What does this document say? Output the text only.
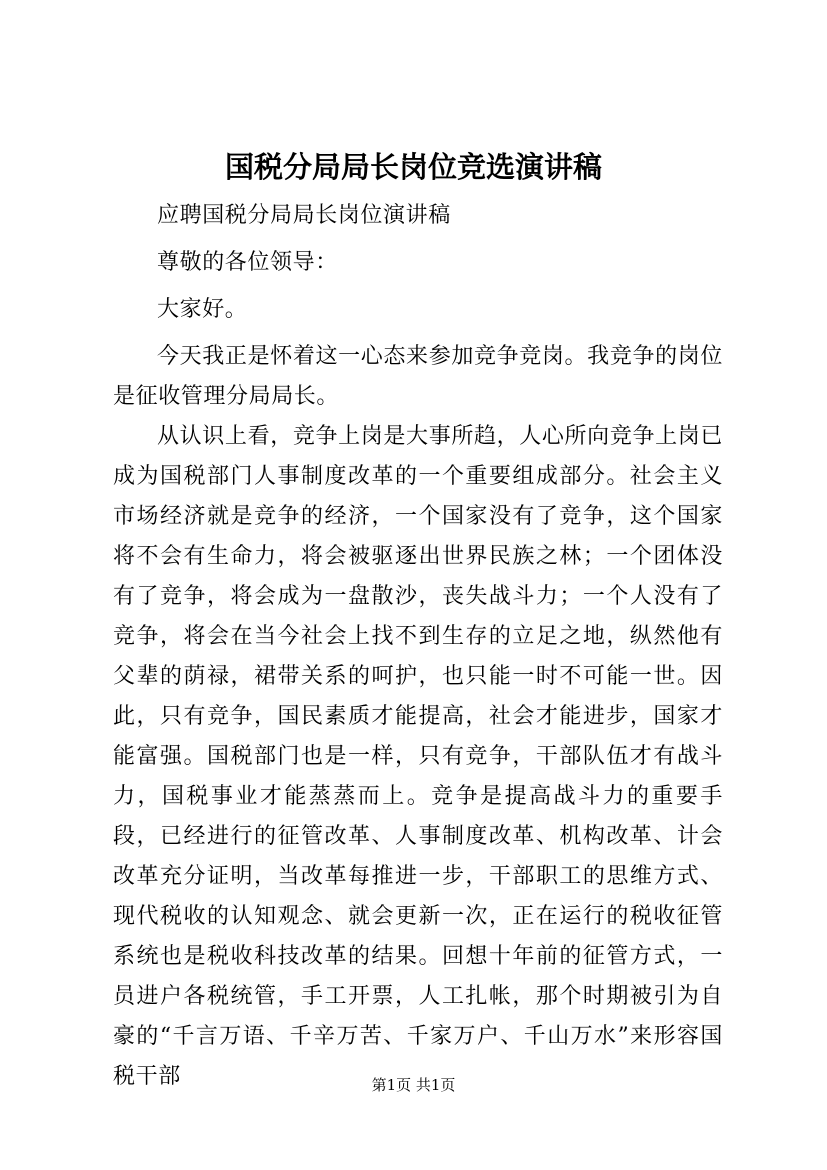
国税分局局长岗位竞选演讲稿

应聘国税分局局长岗位演讲稿

尊敬的各位领导：

大家好。

今天我正是怀着这一心态来参加竞争竞岗。我竞争的岗位是征收管理分局局长。

从认识上看，竞争上岗是大事所趋，人心所向竞争上岗已成为国税部门人事制度改革的一个重要组成部分。社会主义市场经济就是竞争的经济，一个国家没有了竞争，这个国家将不会有生命力，将会被驱逐出世界民族之林；一个团体没有了竞争，将会成为一盘散沙，丧失战斗力；一个人没有了竞争，将会在当今社会上找不到生存的立足之地，纵然他有父辈的荫禄，裙带关系的呵护，也只能一时不可能一世。因此，只有竞争，国民素质才能提高，社会才能进步，国家才能富强。国税部门也是一样，只有竞争，干部队伍才有战斗力，国税事业才能蒸蒸而上。竞争是提高战斗力的重要手段，已经进行的征管改革、人事制度改革、机构改革、计会改革充分证明，当改革每推进一步，干部职工的思维方式、现代税收的认知观念、就会更新一次，正在运行的税收征管系统也是税收科技改革的结果。回想十年前的征管方式，一员进户各税统管，手工开票，人工扎帐，那个时期被引为自豪的“千言万语、千辛万苦、千家万户、千山万水”来形容国税干部	第1页 共1页
